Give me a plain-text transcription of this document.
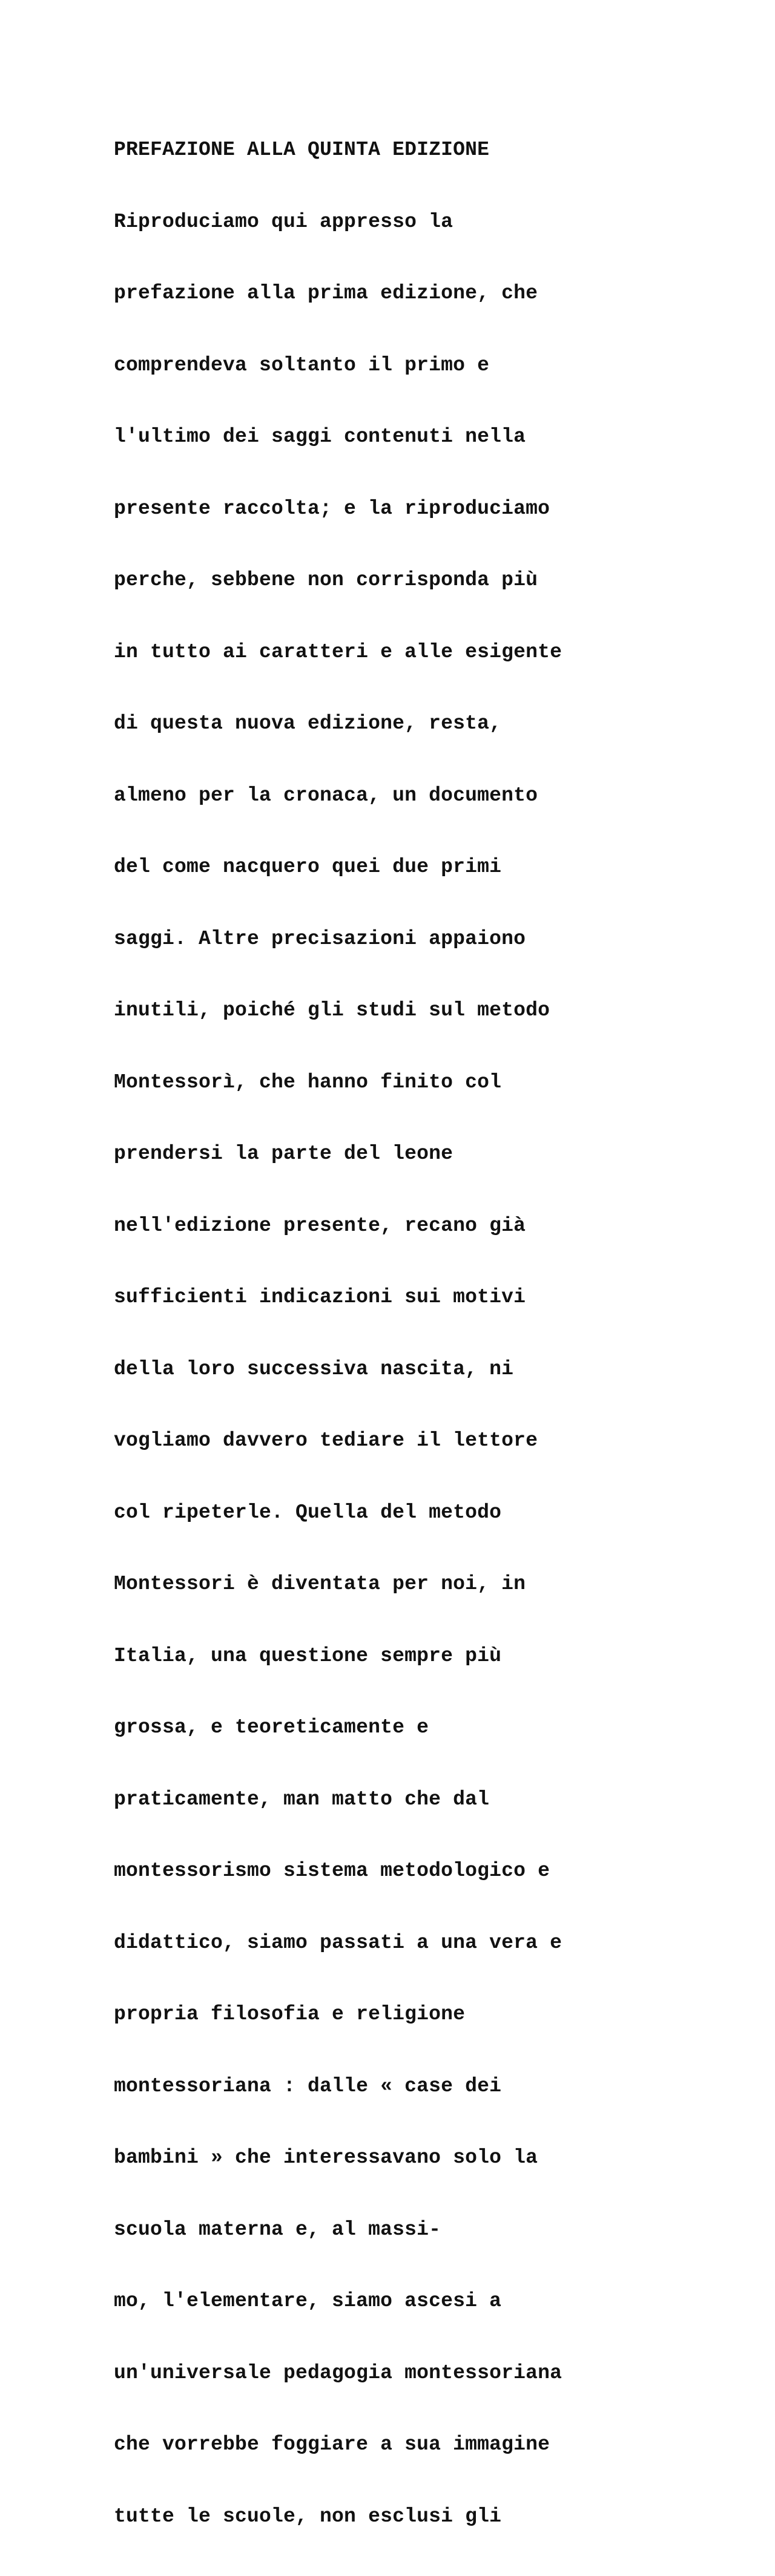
PREFAZIONE ALLA QUINTA EDIZIONE

Riproduciamo qui appresso la

prefazione alla prima edizione, che

comprendeva soltanto il primo e

l'ultimo dei saggi contenuti nella

presente raccolta; e la riproduciamo

perche, sebbene non corrisponda più

in tutto ai caratteri e alle esigente

di questa nuova edizione, resta,

almeno per la cronaca, un documento

del come nacquero quei due primi

saggi. Altre precisazioni appaiono

inutili, poiché gli studi sul metodo

Montessorì, che hanno finito col

prendersi la parte del leone

nell'edizione presente, recano già

sufficienti indicazioni sui motivi

della loro successiva nascita, ni

vogliamo davvero tediare il lettore

col ripeterle. Quella del metodo

Montessori è diventata per noi, in

Italia, una questione sempre più

grossa, e teoreticamente e

praticamente, man matto che dal

montessorismo sistema metodologico e

didattico, siamo passati a una vera e

propria filosofia e religione

montessoriana : dalle « case dei

bambini » che interessavano solo la

scuola materna e, al massi-

mo, l'elementare, siamo ascesi a

un'universale pedagogia montessoriana

che vorrebbe foggiare a sua immagine

tutte le scuole, non esclusi gli
